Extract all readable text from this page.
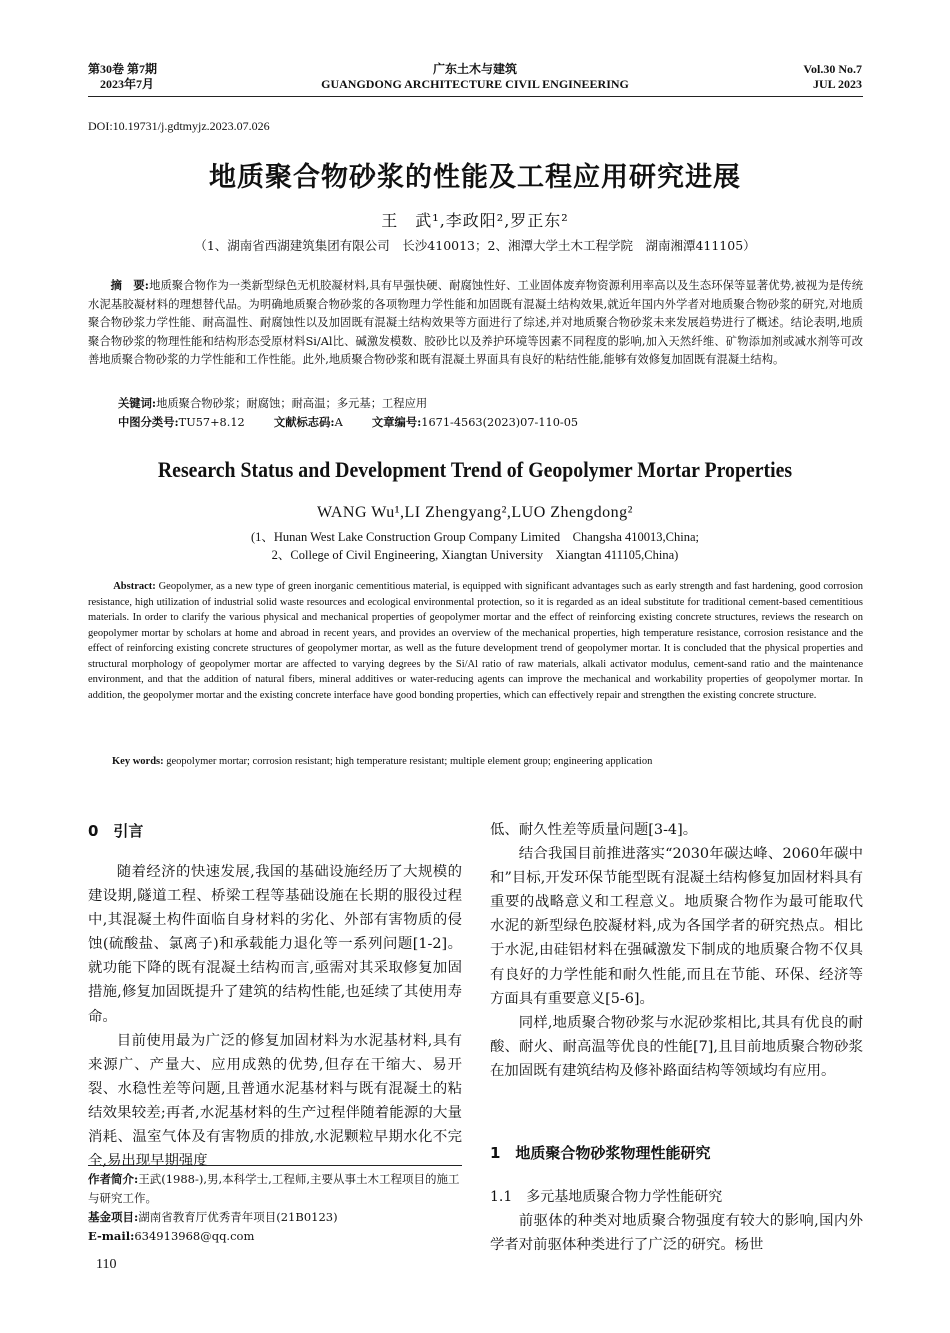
第30卷 第7期
2023年7月
广东土木与建筑
GUANGDONG ARCHITECTURE CIVIL ENGINEERING
Vol.30 No.7
JUL 2023
DOI:10.19731/j.gdtmyjz.2023.07.026
地质聚合物砂浆的性能及工程应用研究进展
王　武¹,李政阳²,罗正东²
（1、湖南省西湖建筑集团有限公司　长沙410013；2、湘潭大学土木工程学院　湖南湘潭411105）
摘　要:地质聚合物作为一类新型绿色无机胶凝材料,具有早强快硬、耐腐蚀性好、工业固体废弃物资源利用率高以及生态环保等显著优势,被视为是传统水泥基胶凝材料的理想替代品。为明确地质聚合物砂浆的各项物理力学性能和加固既有混凝土结构效果,就近年国内外学者对地质聚合物砂浆的研究,对地质聚合物砂浆力学性能、耐高温性、耐腐蚀性以及加固既有混凝土结构效果等方面进行了综述,并对地质聚合物砂浆未来发展趋势进行了概述。结论表明,地质聚合物砂浆的物理性能和结构形态受原材料Si/Al比、碱激发模数、胶砂比以及养护环境等因素不同程度的影响,加入天然纤维、矿物添加剂或减水剂等可改善地质聚合物砂浆的力学性能和工作性能。此外,地质聚合物砂浆和既有混凝土界面具有良好的粘结性能,能够有效修复加固既有混凝土结构。
关键词:地质聚合物砂浆；耐腐蚀；耐高温；多元基；工程应用
中图分类号:TU57+8.12	文献标志码:A	文章编号:1671-4563(2023)07-110-05
Research Status and Development Trend of Geopolymer Mortar Properties
WANG Wu¹,LI Zhengyang²,LUO Zhengdong²
(1、Hunan West Lake Construction Group Company Limited　Changsha 410013,China;
2、College of Civil Engineering, Xiangtan University　Xiangtan 411105,China)
Abstract: Geopolymer, as a new type of green inorganic cementitious material, is equipped with significant advantages such as early strength and fast hardening, good corrosion resistance, high utilization of industrial solid waste resources and ecological environmental protection, so it is regarded as an ideal substitute for traditional cement-based cementitious materials. In order to clarify the various physical and mechanical properties of geopolymer mortar and the effect of reinforcing existing concrete structures, reviews the research on geopolymer mortar by scholars at home and abroad in recent years, and provides an overview of the mechanical properties, high temperature resistance, corrosion resistance and the effect of reinforcing existing concrete structures of geopolymer mortar, as well as the future development trend of geopolymer mortar. It is concluded that the physical properties and structural morphology of geopolymer mortar are affected to varying degrees by the Si/Al ratio of raw materials, alkali activator modulus, cement-sand ratio and the maintenance environment, and that the addition of natural fibers, mineral additives or water-reducing agents can improve the mechanical and workability properties of geopolymer mortar. In addition, the geopolymer mortar and the existing concrete interface have good bonding properties, which can effectively repair and strengthen the existing concrete structure.
Key words: geopolymer mortar; corrosion resistant; high temperature resistant; multiple element group; engineering application
0　引言

随着经济的快速发展,我国的基础设施经历了大规模的建设期,隧道工程、桥梁工程等基础设施在长期的服役过程中,其混凝土构件面临自身材料的劣化、外部有害物质的侵蚀(硫酸盐、氯离子)和承载能力退化等一系列问题[1-2]。就功能下降的既有混凝土结构而言,亟需对其采取修复加固措施,修复加固既提升了建筑的结构性能,也延续了其使用寿命。

目前使用最为广泛的修复加固材料为水泥基材料,具有来源广、产量大、应用成熟的优势,但存在干缩大、易开裂、水稳性差等问题,且普通水泥基材料与既有混凝土的粘结效果较差;再者,水泥基材料的生产过程伴随着能源的大量消耗、温室气体及有害物质的排放,水泥颗粒早期水化不完全,易出现早期强度

作者简介:王武(1988-),男,本科学士,工程师,主要从事土木工程项目的施工与研究工作。
基金项目:湖南省教育厅优秀青年项目(21B0123)
E-mail:634913968@qq.com
110

低、耐久性差等质量问题[3-4]。

结合我国目前推进落实“2030年碳达峰、2060年碳中和”目标,开发环保节能型既有混凝土结构修复加固材料具有重要的战略意义和工程意义。地质聚合物作为最可能取代水泥的新型绿色胶凝材料,成为各国学者的研究热点。相比于水泥,由硅铝材料在强碱激发下制成的地质聚合物不仅具有良好的力学性能和耐久性能,而且在节能、环保、经济等方面具有重要意义[5-6]。

同样,地质聚合物砂浆与水泥砂浆相比,其具有优良的耐酸、耐火、耐高温等优良的性能[7],且目前地质聚合物砂浆在加固既有建筑结构及修补路面结构等领域均有应用。

1　地质聚合物砂浆物理性能研究
1.1　多元基地质聚合物力学性能研究

前驱体的种类对地质聚合物强度有较大的影响,国内外学者对前驱体种类进行了广泛的研究。杨世
